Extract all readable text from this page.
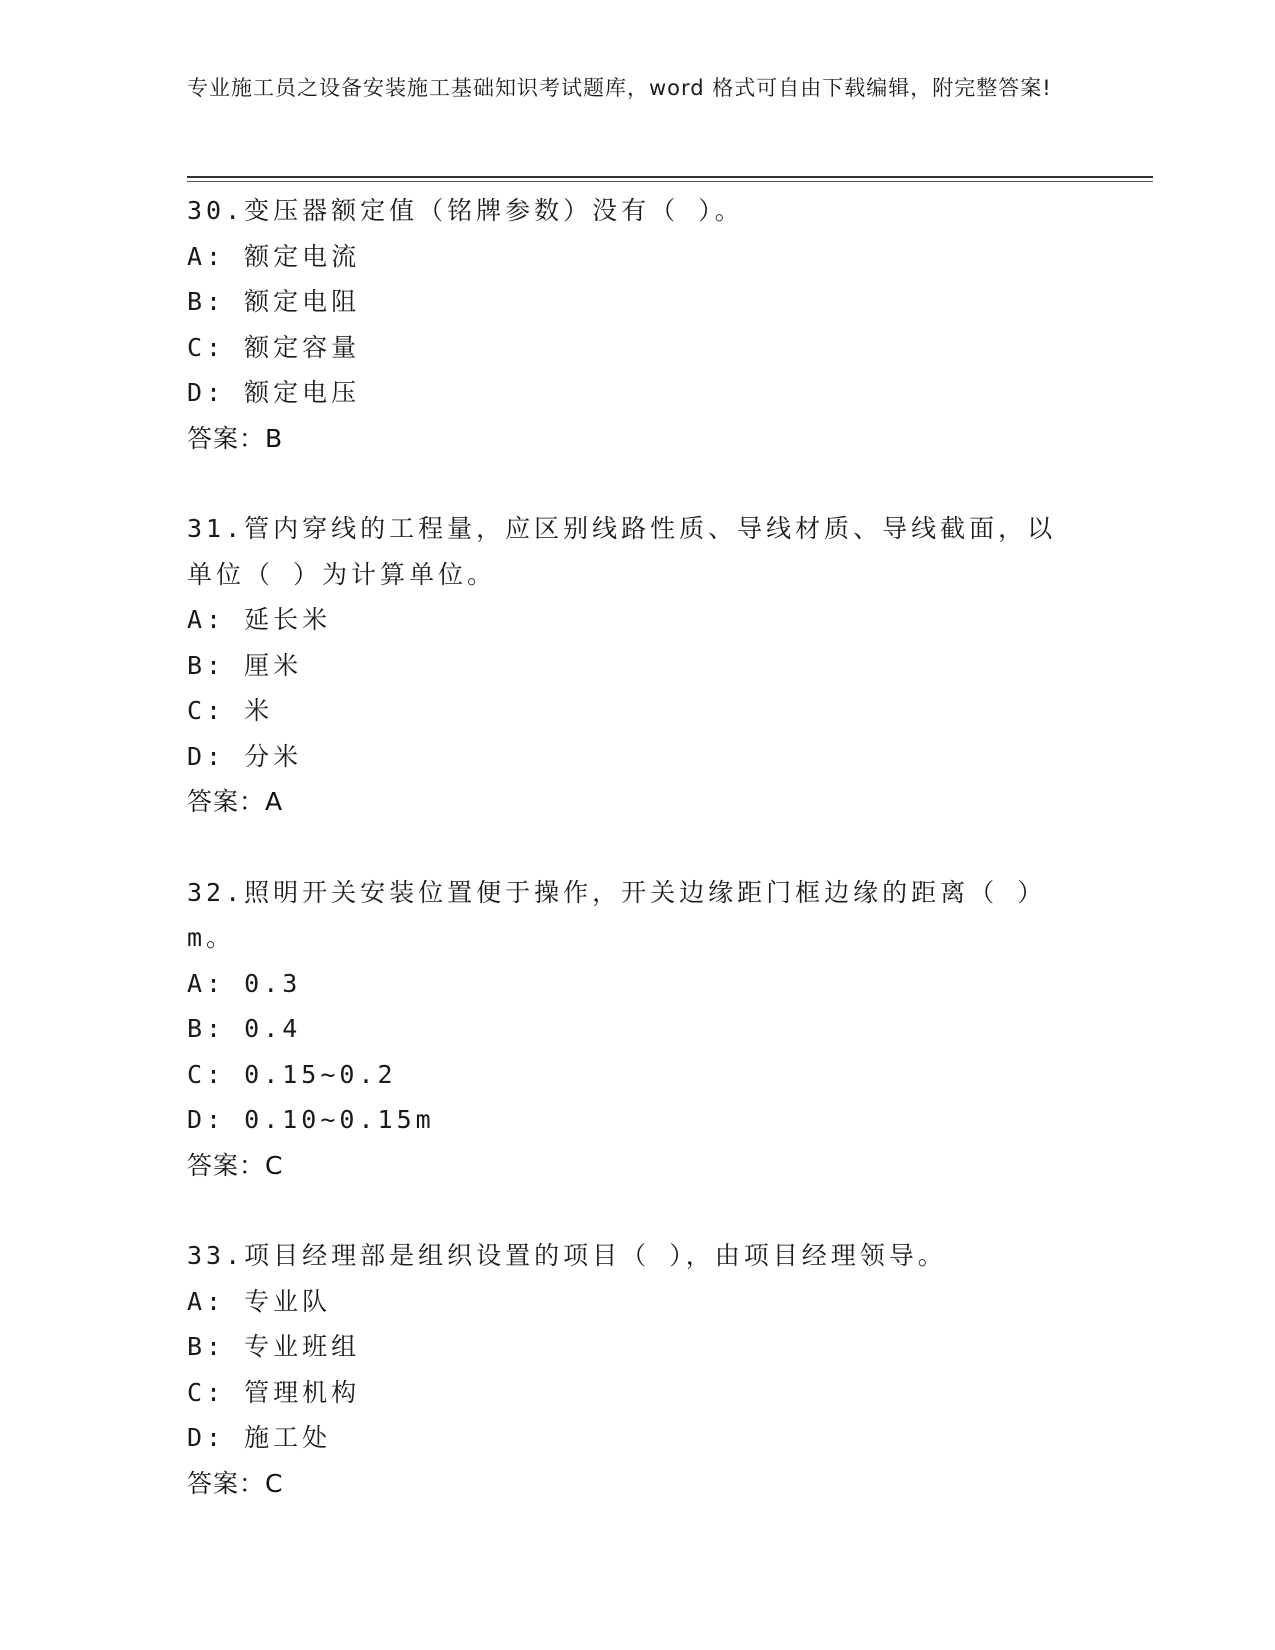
专业施工员之设备安装施工基础知识考试题库，word 格式可自由下载编辑，附完整答案!
30.变压器额定值（铭牌参数）没有（ ）。
A: 额定电流
B: 额定电阻
C: 额定容量
D: 额定电压
答案：B
31.管内穿线的工程量，应区别线路性质、导线材质、导线截面，以单位（ ）为计算单位。
A: 延长米
B: 厘米
C: 米
D: 分米
答案：A
32.照明开关安装位置便于操作，开关边缘距门框边缘的距离（ ）m。
A: 0.3
B: 0.4
C: 0.15~0.2
D: 0.10~0.15m
答案：C
33.项目经理部是组织设置的项目（ ），由项目经理领导。
A: 专业队
B: 专业班组
C: 管理机构
D: 施工处
答案：C
